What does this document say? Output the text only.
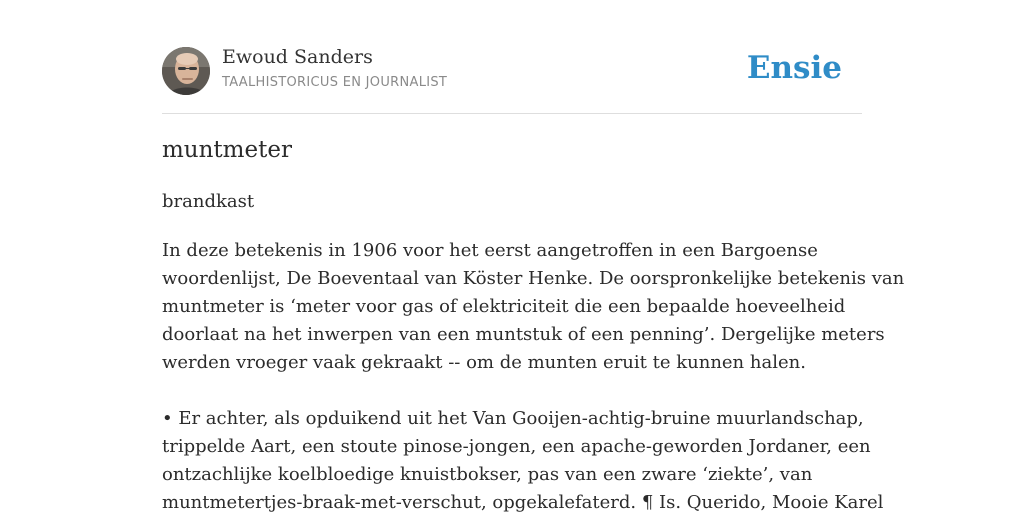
Ewoud Sanders
TAALHISTORICUS EN JOURNALIST	Ensie
muntmeter
brandkast
In deze betekenis in 1906 voor het eerst aangetroffen in een Bargoense
woordenlijst, De Boeventaal van Köster Henke. De oorspronkelijke betekenis van
muntmeter is ‘meter voor gas of elektriciteit die een bepaalde hoeveelheid
doorlaat na het inwerpen van een muntstuk of een penning’. Dergelijke meters
werden vroeger vaak gekraakt -- om de munten eruit te kunnen halen.
• Er achter, als opduikend uit het Van Gooijen-achtig-bruine muurlandschap,
trippelde Aart, een stoute pinose-jongen, een apache-geworden Jordaner, een
ontzachlijke koelbloedige knuistbokser, pas van een zware ‘ziekte’, van
muntmetertjes-braak-met-verschut, opgekalefaterd. ¶ Is. Querido, Mooie Karel
